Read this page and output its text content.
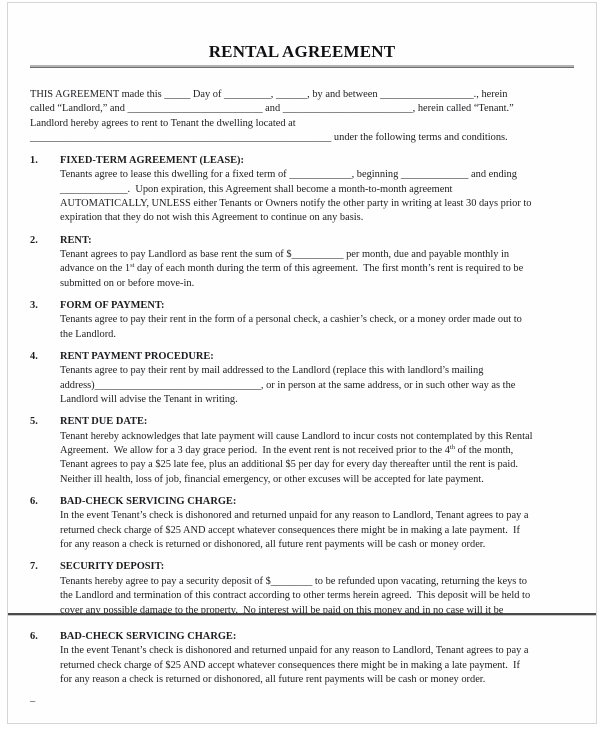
RENTAL AGREEMENT
THIS AGREEMENT made this _____ Day of _________, ______, by and between __________________., herein
called “Landlord,” and __________________________ and _________________________, herein called “Tenant.”
Landlord hereby agrees to rent to Tenant the dwelling located at
__________________________________________________________ under the following terms and conditions.
1.	FIXED-TERM AGREEMENT (LEASE):
Tenants agree to lease this dwelling for a fixed term of ____________, beginning _____________ and ending
_____________.  Upon expiration, this Agreement shall become a month-to-month agreement
AUTOMATICALLY, UNLESS either Tenants or Owners notify the other party in writing at least 30 days prior to
expiration that they do not wish this Agreement to continue on any basis.
2.	RENT:
Tenant agrees to pay Landlord as base rent the sum of $__________ per month, due and payable monthly in
advance on the 1st day of each month during the term of this agreement.  The first month’s rent is required to be
submitted on or before move-in.
3.	FORM OF PAYMENT:
Tenants agree to pay their rent in the form of a personal check, a cashier’s check, or a money order made out to
the Landlord.
4.	RENT PAYMENT PROCEDURE:
Tenants agree to pay their rent by mail addressed to the Landlord (replace this with landlord’s mailing
address)________________________________, or in person at the same address, or in such other way as the
Landlord will advise the Tenant in writing.
5.	RENT DUE DATE:
Tenant hereby acknowledges that late payment will cause Landlord to incur costs not contemplated by this Rental
Agreement.  We allow for a 3 day grace period.  In the event rent is not received prior to the 4th of the month,
Tenant agrees to pay a $25 late fee, plus an additional $5 per day for every day thereafter until the rent is paid.
Neither ill health, loss of job, financial emergency, or other excuses will be accepted for late payment.
6.	BAD-CHECK SERVICING CHARGE:
In the event Tenant’s check is dishonored and returned unpaid for any reason to Landlord, Tenant agrees to pay a
returned check charge of $25 AND accept whatever consequences there might be in making a late payment.  If
for any reason a check is returned or dishonored, all future rent payments will be cash or money order.
7.	SECURITY DEPOSIT:
Tenants hereby agree to pay a security deposit of $________ to be refunded upon vacating, returning the keys to
the Landlord and termination of this contract according to other terms herein agreed.  This deposit will be held to
cover any possible damage to the property.  No interest will be paid on this money and in no case will it be
6.	BAD-CHECK SERVICING CHARGE:
In the event Tenant’s check is dishonored and returned unpaid for any reason to Landlord, Tenant agrees to pay a
returned check charge of $25 AND accept whatever consequences there might be in making a late payment.  If
for any reason a check is returned or dishonored, all future rent payments will be cash or money order.
–
